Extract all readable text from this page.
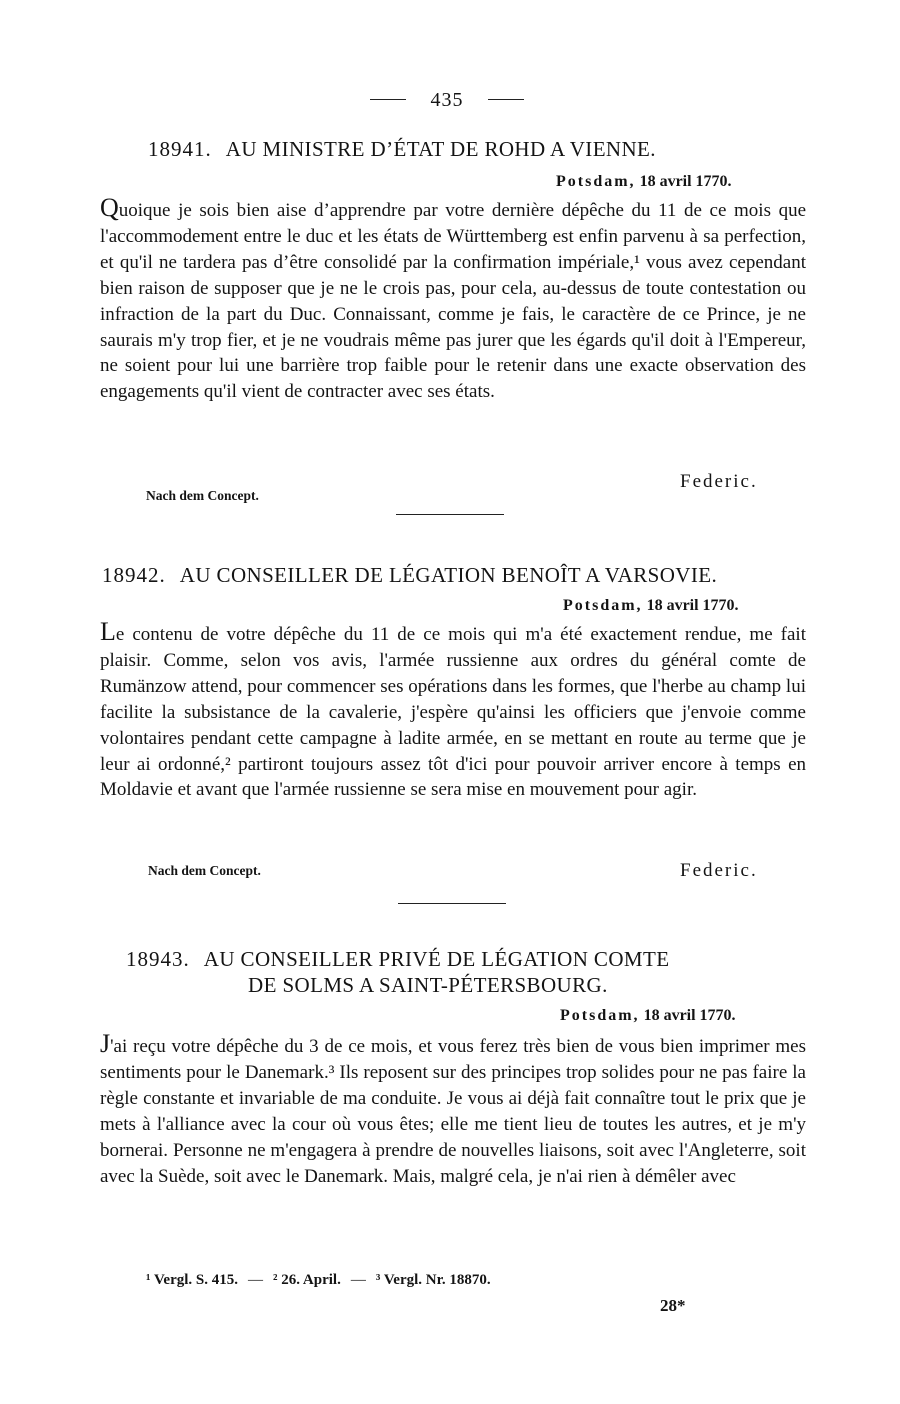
435
18941. AU MINISTRE D’ÉTAT DE ROHD A VIENNE.
Potsdam, 18 avril 1770.

Quoique je sois bien aise d’apprendre par votre dernière dépêche du 11 de ce mois que l'accommodement entre le duc et les états de Württemberg est enfin parvenu à sa perfection, et qu'il ne tardera pas d’être consolidé par la confirmation impériale,¹ vous avez cependant bien raison de supposer que je ne le crois pas, pour cela, au-dessus de toute contestation ou infraction de la part du Duc. Connaissant, comme je fais, le caractère de ce Prince, je ne saurais m'y trop fier, et je ne voudrais même pas jurer que les égards qu'il doit à l'Empereur, ne soient pour lui une barrière trop faible pour le retenir dans une exacte observation des engagements qu'il vient de contracter avec ses états.

Nach dem Concept.
Federic.
18942. AU CONSEILLER DE LÉGATION BENOÎT A VARSOVIE.
Potsdam, 18 avril 1770.

Le contenu de votre dépêche du 11 de ce mois qui m'a été exactement rendue, me fait plaisir. Comme, selon vos avis, l'armée russienne aux ordres du général comte de Rumänzow attend, pour commencer ses opérations dans les formes, que l'herbe au champ lui facilite la subsistance de la cavalerie, j'espère qu'ainsi les officiers que j'envoie comme volontaires pendant cette campagne à ladite armée, en se mettant en route au terme que je leur ai ordonné,² partiront toujours assez tôt d'ici pour pouvoir arriver encore à temps en Moldavie et avant que l'armée russienne se sera mise en mouvement pour agir.

Nach dem Concept.	Federic.
18943. AU CONSEILLER PRIVÉ DE LÉGATION COMTE
DE SOLMS A SAINT-PÉTERSBOURG.
Potsdam, 18 avril 1770.

J'ai reçu votre dépêche du 3 de ce mois, et vous ferez très bien de vous bien imprimer mes sentiments pour le Danemark.³ Ils reposent sur des principes trop solides pour ne pas faire la règle constante et invariable de ma conduite. Je vous ai déjà fait connaître tout le prix que je mets à l'alliance avec la cour où vous êtes; elle me tient lieu de toutes les autres, et je m'y bornerai. Personne ne m'engagera à prendre de nouvelles liaisons, soit avec l'Angleterre, soit avec la Suède, soit avec le Danemark. Mais, malgré cela, je n'ai rien à démêler avec

¹ Vergl. S. 415. — ² 26. April. — ³ Vergl. Nr. 18870.
28*
